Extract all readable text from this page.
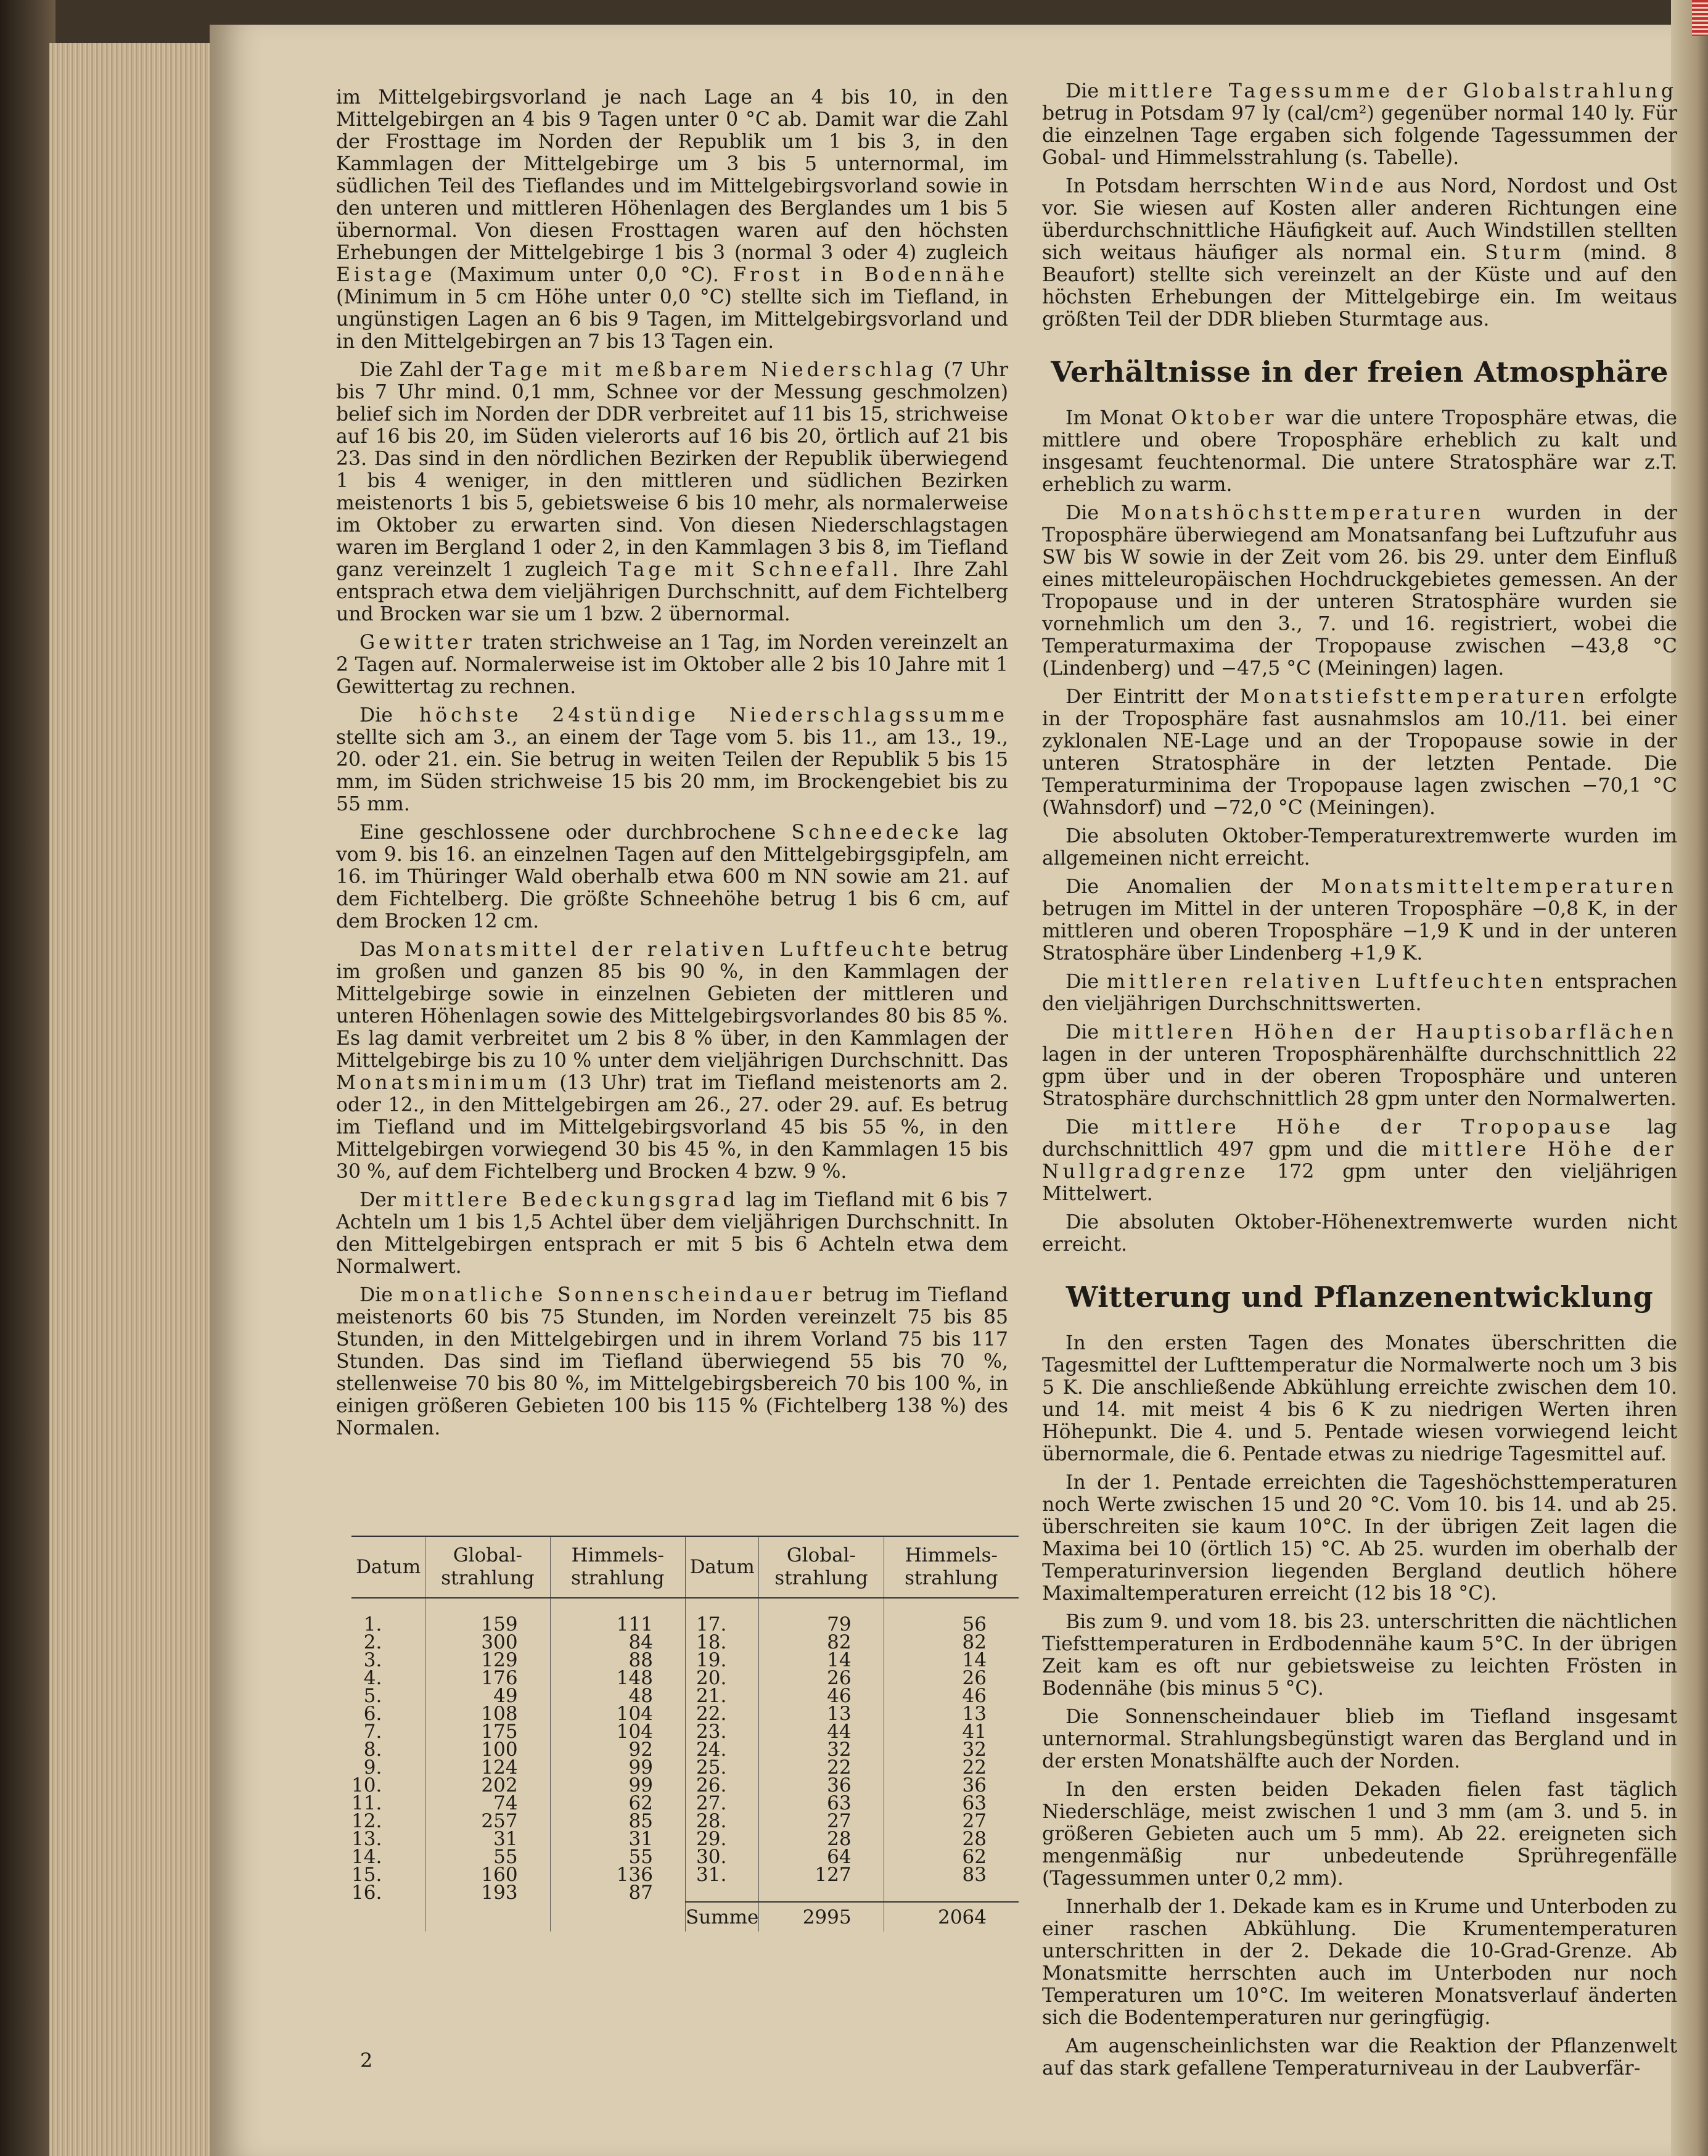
im Mittelgebirgsvorland je nach Lage an 4 bis 10, in den Mittelgebirgen an 4 bis 9 Tagen unter 0 °C ab. Damit war die Zahl der Frosttage im Norden der Republik um 1 bis 3, in den Kammlagen der Mittelgebirge um 3 bis 5 unternormal, im südlichen Teil des Tieflandes und im Mittelgebirgsvorland sowie in den unteren und mittleren Höhenlagen des Berglandes um 1 bis 5 übernormal. Von diesen Frosttagen waren auf den höchsten Erhebungen der Mittelgebirge 1 bis 3 (normal 3 oder 4) zugleich Eistage (Maximum unter 0,0 °C). Frost in Bodennähe (Minimum in 5 cm Höhe unter 0,0 °C) stellte sich im Tiefland, in ungünstigen Lagen an 6 bis 9 Tagen, im Mittelgebirgsvorland und in den Mittelgebirgen an 7 bis 13 Tagen ein.

Die Zahl der Tage mit meßbarem Niederschlag (7 Uhr bis 7 Uhr mind. 0,1 mm, Schnee vor der Messung geschmolzen) belief sich im Norden der DDR verbreitet auf 11 bis 15, strichweise auf 16 bis 20, im Süden vielerorts auf 16 bis 20, örtlich auf 21 bis 23. Das sind in den nördlichen Bezirken der Republik überwiegend 1 bis 4 weniger, in den mittleren und südlichen Bezirken meistenorts 1 bis 5, gebietsweise 6 bis 10 mehr, als normalerweise im Oktober zu erwarten sind. Von diesen Niederschlagstagen waren im Bergland 1 oder 2, in den Kammlagen 3 bis 8, im Tiefland ganz vereinzelt 1 zugleich Tage mit Schneefall. Ihre Zahl entsprach etwa dem vieljährigen Durchschnitt, auf dem Fichtelberg und Brocken war sie um 1 bzw. 2 übernormal.

Gewitter traten strichweise an 1 Tag, im Norden vereinzelt an 2 Tagen auf. Normalerweise ist im Oktober alle 2 bis 10 Jahre mit 1 Gewittertag zu rechnen.

Die höchste 24stündige Niederschlagssumme stellte sich am 3., an einem der Tage vom 5. bis 11., am 13., 19., 20. oder 21. ein. Sie betrug in weiten Teilen der Republik 5 bis 15 mm, im Süden strichweise 15 bis 20 mm, im Brockengebiet bis zu 55 mm.

Eine geschlossene oder durchbrochene Schneedecke lag vom 9. bis 16. an einzelnen Tagen auf den Mittelgebirgsgipfeln, am 16. im Thüringer Wald oberhalb etwa 600 m NN sowie am 21. auf dem Fichtelberg. Die größte Schneehöhe betrug 1 bis 6 cm, auf dem Brocken 12 cm.

Das Monatsmittel der relativen Luftfeuchte betrug im großen und ganzen 85 bis 90 %, in den Kammlagen der Mittelgebirge sowie in einzelnen Gebieten der mittleren und unteren Höhenlagen sowie des Mittelgebirgsvorlandes 80 bis 85 %. Es lag damit verbreitet um 2 bis 8 % über, in den Kammlagen der Mittelgebirge bis zu 10 % unter dem vieljährigen Durchschnitt. Das Monatsminimum (13 Uhr) trat im Tiefland meistenorts am 2. oder 12., in den Mittelgebirgen am 26., 27. oder 29. auf. Es betrug im Tiefland und im Mittelgebirgsvorland 45 bis 55 %, in den Mittelgebirgen vorwiegend 30 bis 45 %, in den Kammlagen 15 bis 30 %, auf dem Fichtelberg und Brocken 4 bzw. 9 %.

Der mittlere Bedeckungsgrad lag im Tiefland mit 6 bis 7 Achteln um 1 bis 1,5 Achtel über dem vieljährigen Durchschnitt. In den Mittelgebirgen entsprach er mit 5 bis 6 Achteln etwa dem Normalwert.

Die monatliche Sonnenscheindauer betrug im Tiefland meistenorts 60 bis 75 Stunden, im Norden vereinzelt 75 bis 85 Stunden, in den Mittelgebirgen und in ihrem Vorland 75 bis 117 Stunden. Das sind im Tiefland überwiegend 55 bis 70 %, stellenweise 70 bis 80 %, im Mittelgebirgsbereich 70 bis 100 %, in einigen größeren Gebieten 100 bis 115 % (Fichtelberg 138 %) des Normalen.

Datum	Global-strahlung	Himmels-strahlung	Datum	Global-strahlung	Himmels-strahlung
1.	159	111	17.	79	56
2.	300	84	18.	82	82
3.	129	88	19.	14	14
4.	176	148	20.	26	26
5.	49	48	21.	46	46
6.	108	104	22.	13	13
7.	175	104	23.	44	41
8.	100	92	24.	32	32
9.	124	99	25.	22	22
10.	202	99	26.	36	36
11.	74	62	27.	63	63
12.	257	85	28.	27	27
13.	31	31	29.	28	28
14.	55	55	30.	64	62
15.	160	136	31.	127	83
16.	193	87			
			Summe	2995	2064

Die mittlere Tagessumme der Globalstrahlung betrug in Potsdam 97 ly (cal/cm²) gegenüber normal 140 ly. Für die einzelnen Tage ergaben sich folgende Tagessummen der Gobal- und Himmelsstrahlung (s. Tabelle).

In Potsdam herrschten Winde aus Nord, Nordost und Ost vor. Sie wiesen auf Kosten aller anderen Richtungen eine überdurchschnittliche Häufigkeit auf. Auch Windstillen stellten sich weitaus häufiger als normal ein. Sturm (mind. 8 Beaufort) stellte sich vereinzelt an der Küste und auf den höchsten Erhebungen der Mittelgebirge ein. Im weitaus größten Teil der DDR blieben Sturmtage aus.

Verhältnisse in der freien Atmosphäre

Im Monat Oktober war die untere Troposphäre etwas, die mittlere und obere Troposphäre erheblich zu kalt und insgesamt feuchtenormal. Die untere Stratosphäre war z.T. erheblich zu warm.

Die Monatshöchsttemperaturen wurden in der Troposphäre überwiegend am Monatsanfang bei Luftzufuhr aus SW bis W sowie in der Zeit vom 26. bis 29. unter dem Einfluß eines mitteleuropäischen Hochdruckgebietes gemessen. An der Tropopause und in der unteren Stratosphäre wurden sie vornehmlich um den 3., 7. und 16. registriert, wobei die Temperaturmaxima der Tropopause zwischen −43,8 °C (Lindenberg) und −47,5 °C (Meiningen) lagen.

Der Eintritt der Monatstiefsttemperaturen erfolgte in der Troposphäre fast ausnahmslos am 10./11. bei einer zyklonalen NE-Lage und an der Tropopause sowie in der unteren Stratosphäre in der letzten Pentade. Die Temperaturminima der Tropopause lagen zwischen −70,1 °C (Wahnsdorf) und −72,0 °C (Meiningen).

Die absoluten Oktober-Temperaturextremwerte wurden im allgemeinen nicht erreicht.

Die Anomalien der Monatsmitteltemperaturen betrugen im Mittel in der unteren Troposphäre −0,8 K, in der mittleren und oberen Troposphäre −1,9 K und in der unteren Stratosphäre über Lindenberg +1,9 K.

Die mittleren relativen Luftfeuchten entsprachen den vieljährigen Durchschnittswerten.

Die mittleren Höhen der Hauptisobarflächen lagen in der unteren Troposphärenhälfte durchschnittlich 22 gpm über und in der oberen Troposphäre und unteren Stratosphäre durchschnittlich 28 gpm unter den Normalwerten.

Die mittlere Höhe der Tropopause lag durchschnittlich 497 gpm und die mittlere Höhe der Nullgradgrenze 172 gpm unter den vieljährigen Mittelwert.

Die absoluten Oktober-Höhenextremwerte wurden nicht erreicht.

Witterung und Pflanzenentwicklung

In den ersten Tagen des Monates überschritten die Tagesmittel der Lufttemperatur die Normalwerte noch um 3 bis 5 K. Die anschließende Abkühlung erreichte zwischen dem 10. und 14. mit meist 4 bis 6 K zu niedrigen Werten ihren Höhepunkt. Die 4. und 5. Pentade wiesen vorwiegend leicht übernormale, die 6. Pentade etwas zu niedrige Tagesmittel auf.

In der 1. Pentade erreichten die Tageshöchsttemperaturen noch Werte zwischen 15 und 20 °C. Vom 10. bis 14. und ab 25. überschreiten sie kaum 10°C. In der übrigen Zeit lagen die Maxima bei 10 (örtlich 15) °C. Ab 25. wurden im oberhalb der Temperaturinversion liegenden Bergland deutlich höhere Maximaltemperaturen erreicht (12 bis 18 °C).

Bis zum 9. und vom 18. bis 23. unterschritten die nächtlichen Tiefsttemperaturen in Erdbodennähe kaum 5°C. In der übrigen Zeit kam es oft nur gebietsweise zu leichten Frösten in Bodennähe (bis minus 5 °C).

Die Sonnenscheindauer blieb im Tiefland insgesamt unternormal. Strahlungsbegünstigt waren das Bergland und in der ersten Monatshälfte auch der Norden.

In den ersten beiden Dekaden fielen fast täglich Niederschläge, meist zwischen 1 und 3 mm (am 3. und 5. in größeren Gebieten auch um 5 mm). Ab 22. ereigneten sich mengenmäßig nur unbedeutende Sprühregenfälle (Tagessummen unter 0,2 mm).

Innerhalb der 1. Dekade kam es in Krume und Unterboden zu einer raschen Abkühlung. Die Krumentemperaturen unterschritten in der 2. Dekade die 10-Grad-Grenze. Ab Monatsmitte herrschten auch im Unterboden nur noch Temperaturen um 10°C. Im weiteren Monatsverlauf änderten sich die Bodentemperaturen nur geringfügig.

Am augenscheinlichsten war die Reaktion der Pflanzenwelt auf das stark gefallene Temperaturniveau in der Laubverfär-

2
